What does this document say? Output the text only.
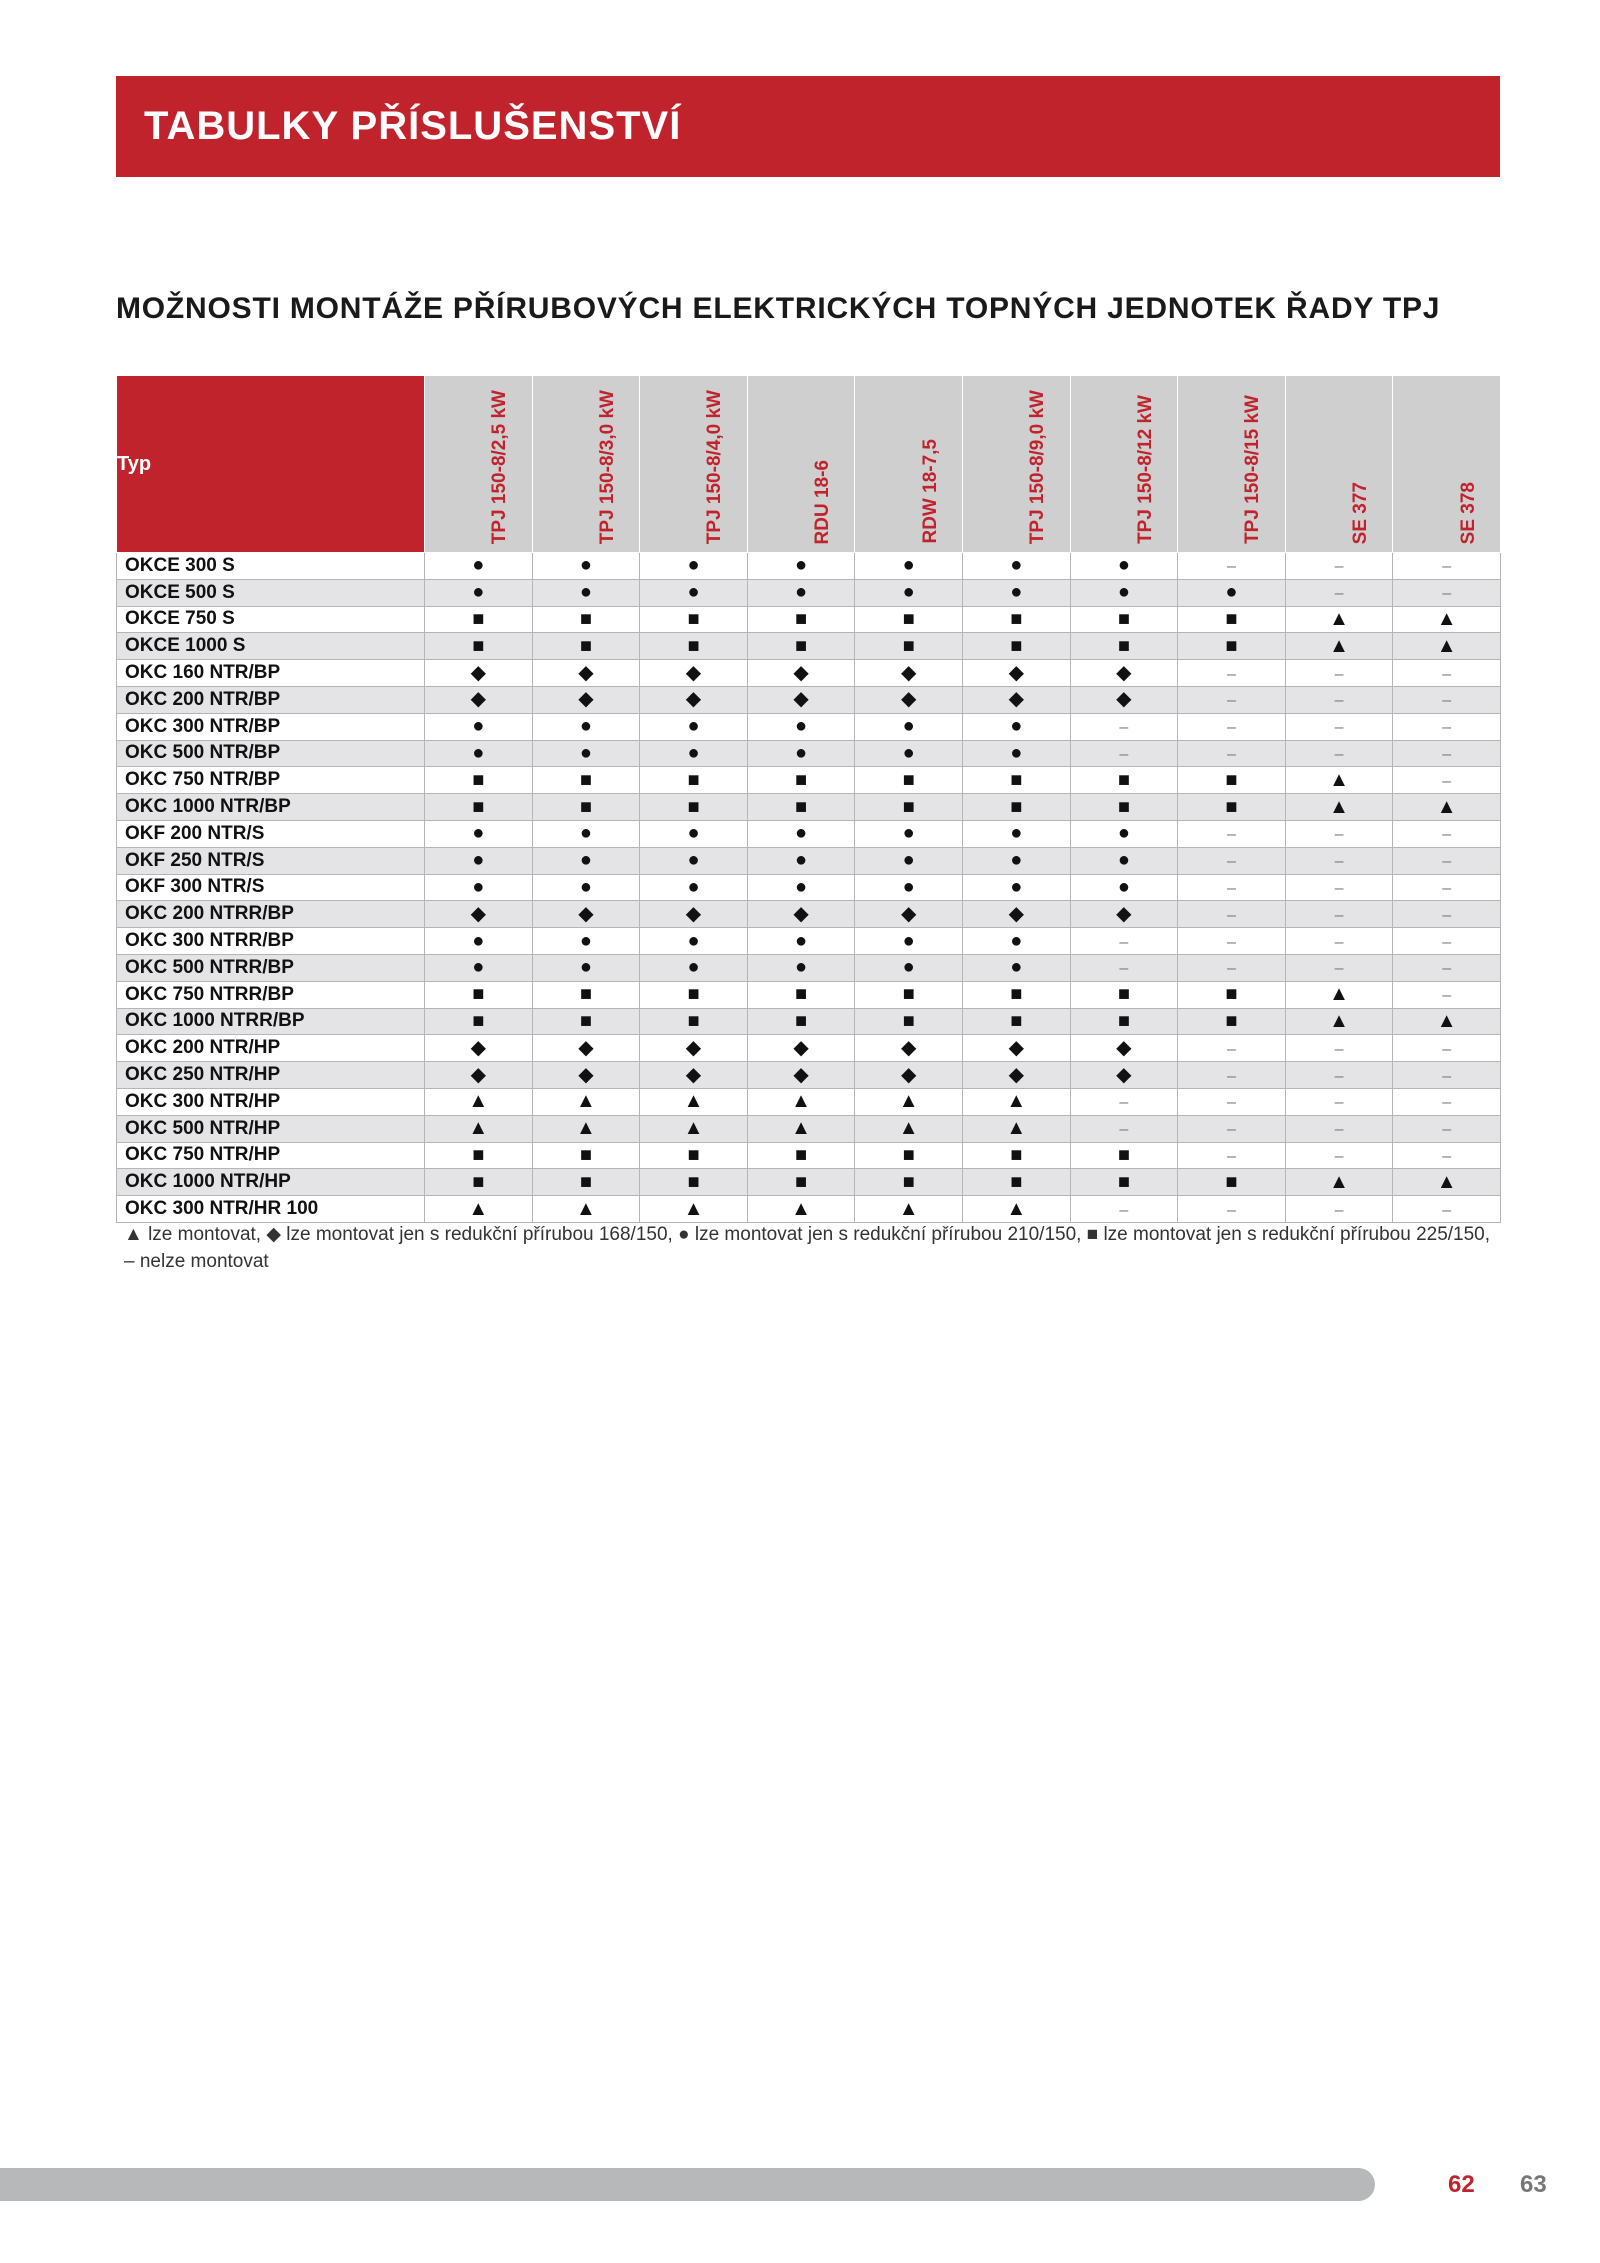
TABULKY PŘÍSLUŠENSTVÍ
MOŽNOSTI MONTÁŽE PŘÍRUBOVÝCH ELEKTRICKÝCH TOPNÝCH JEDNOTEK ŘADY TPJ
Typ	TPJ 150-8/2,5 kW	TPJ 150-8/3,0 kW	TPJ 150-8/4,0 kW	RDU 18-6	RDW 18-7,5	TPJ 150-8/9,0 kW	TPJ 150-8/12 kW	TPJ 150-8/15 kW	SE 377	SE 378

OKCE 300 S	●	●	●	●	●	●	●	–	–	–
OKCE 500 S	●	●	●	●	●	●	●	●	–	–
OKCE 750 S	■	■	■	■	■	■	■	■	▲	▲
OKCE 1000 S	■	■	■	■	■	■	■	■	▲	▲
OKC 160 NTR/BP	◆	◆	◆	◆	◆	◆	◆	–	–	–
OKC 200 NTR/BP	◆	◆	◆	◆	◆	◆	◆	–	–	–
OKC 300 NTR/BP	●	●	●	●	●	●	–	–	–	–
OKC 500 NTR/BP	●	●	●	●	●	●	–	–	–	–
OKC 750 NTR/BP	■	■	■	■	■	■	■	■	▲	–
OKC 1000 NTR/BP	■	■	■	■	■	■	■	■	▲	▲
OKF 200 NTR/S	●	●	●	●	●	●	●	–	–	–
OKF 250 NTR/S	●	●	●	●	●	●	●	–	–	–
OKF 300 NTR/S	●	●	●	●	●	●	●	–	–	–
OKC 200 NTRR/BP	◆	◆	◆	◆	◆	◆	◆	–	–	–
OKC 300 NTRR/BP	●	●	●	●	●	●	–	–	–	–
OKC 500 NTRR/BP	●	●	●	●	●	●	–	–	–	–
OKC 750 NTRR/BP	■	■	■	■	■	■	■	■	▲	–
OKC 1000 NTRR/BP	■	■	■	■	■	■	■	■	▲	▲
OKC 200 NTR/HP	◆	◆	◆	◆	◆	◆	◆	–	–	–
OKC 250 NTR/HP	◆	◆	◆	◆	◆	◆	◆	–	–	–
OKC 300 NTR/HP	▲	▲	▲	▲	▲	▲	–	–	–	–
OKC 500 NTR/HP	▲	▲	▲	▲	▲	▲	–	–	–	–
OKC 750 NTR/HP	■	■	■	■	■	■	■	–	–	–
OKC 1000 NTR/HP	■	■	■	■	■	■	■	■	▲	▲
OKC 300 NTR/HR 100	▲	▲	▲	▲	▲	▲	–	–	–	–
▲ lze montovat, ◆ lze montovat jen s redukční přírubou 168/150, ● lze montovat jen s redukční přírubou 210/150, ■ lze montovat jen s redukční přírubou 225/150, – nelze montovat
62 63
